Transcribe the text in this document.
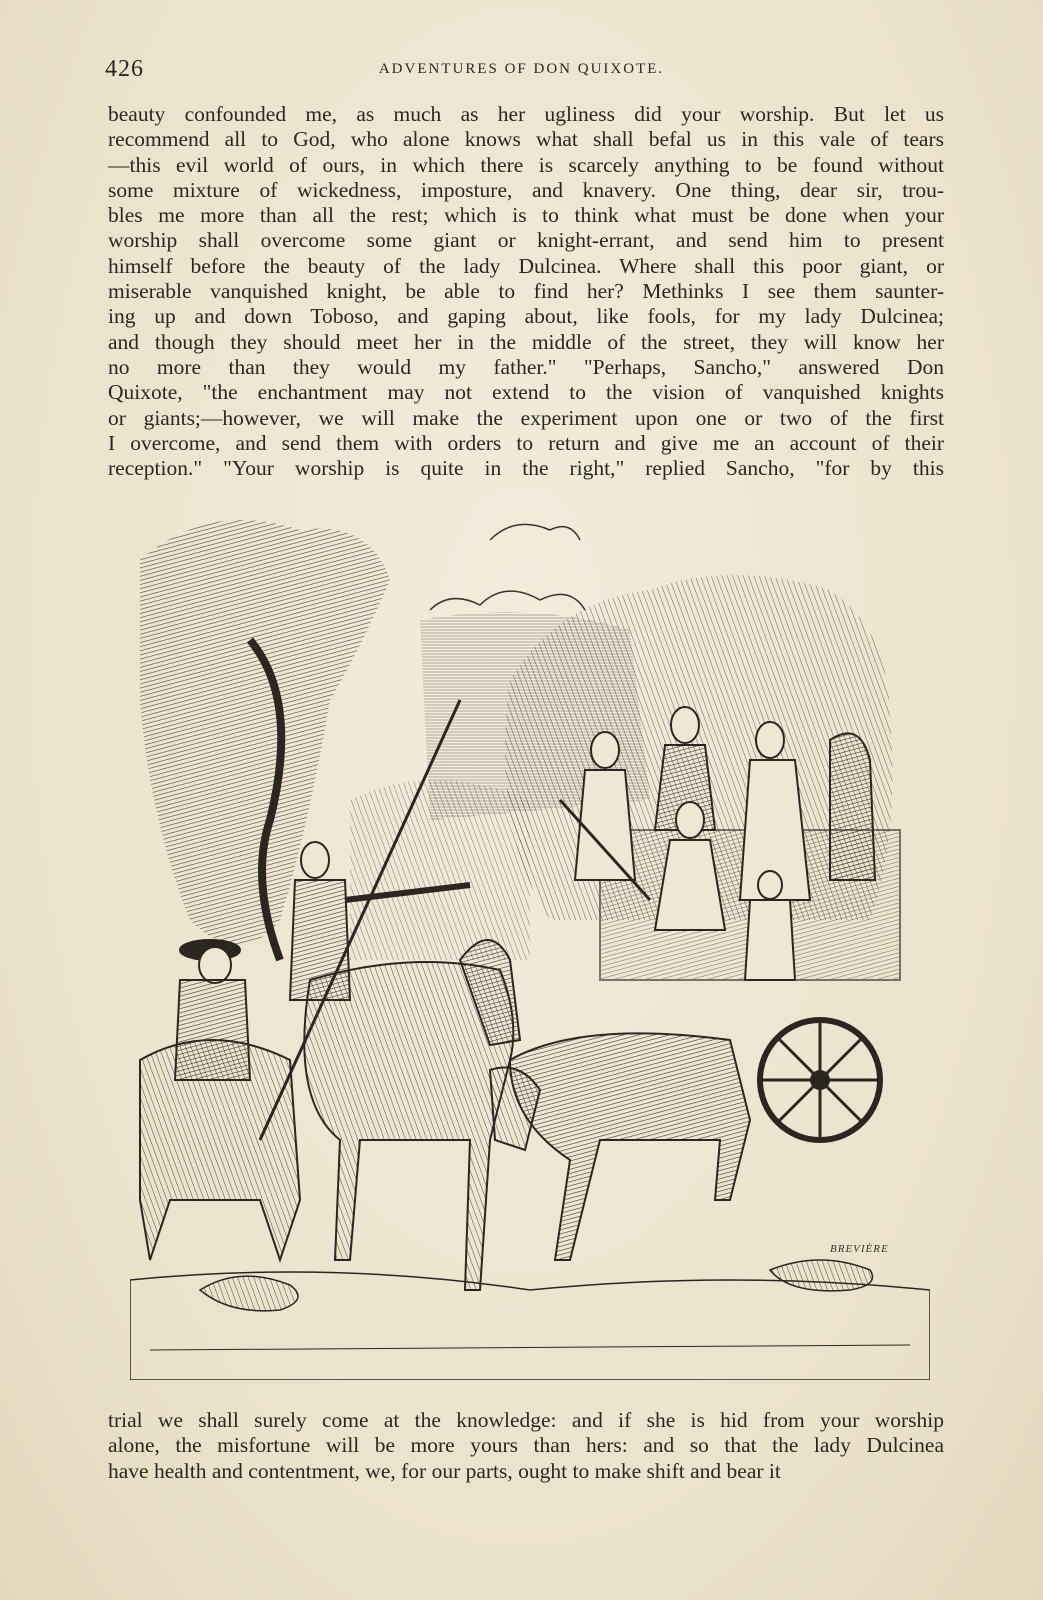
426	ADVENTURES OF DON QUIXOTE.
beauty confounded me, as much as her ugliness did your worship. But let us
recommend all to God, who alone knows what shall befal us in this vale of tears
—this evil world of ours, in which there is scarcely anything to be found without
some mixture of wickedness, imposture, and knavery. One thing, dear sir, trou-
bles me more than all the rest; which is to think what must be done when your
worship shall overcome some giant or knight-errant, and send him to present
himself before the beauty of the lady Dulcinea. Where shall this poor giant, or
miserable vanquished knight, be able to find her? Methinks I see them saunter-
ing up and down Toboso, and gaping about, like fools, for my lady Dulcinea;
and though they should meet her in the middle of the street, they will know her
no more than they would my father." "Perhaps, Sancho," answered Don
Quixote, "the enchantment may not extend to the vision of vanquished knights
or giants;—however, we will make the experiment upon one or two of the first
I overcome, and send them with orders to return and give me an account of their
reception." "Your worship is quite in the right," replied Sancho, "for by this
BREVIÈRE
trial we shall surely come at the knowledge: and if she is hid from your worship
alone, the misfortune will be more yours than hers: and so that the lady Dulcinea
have health and contentment, we, for our parts, ought to make shift and bear it
